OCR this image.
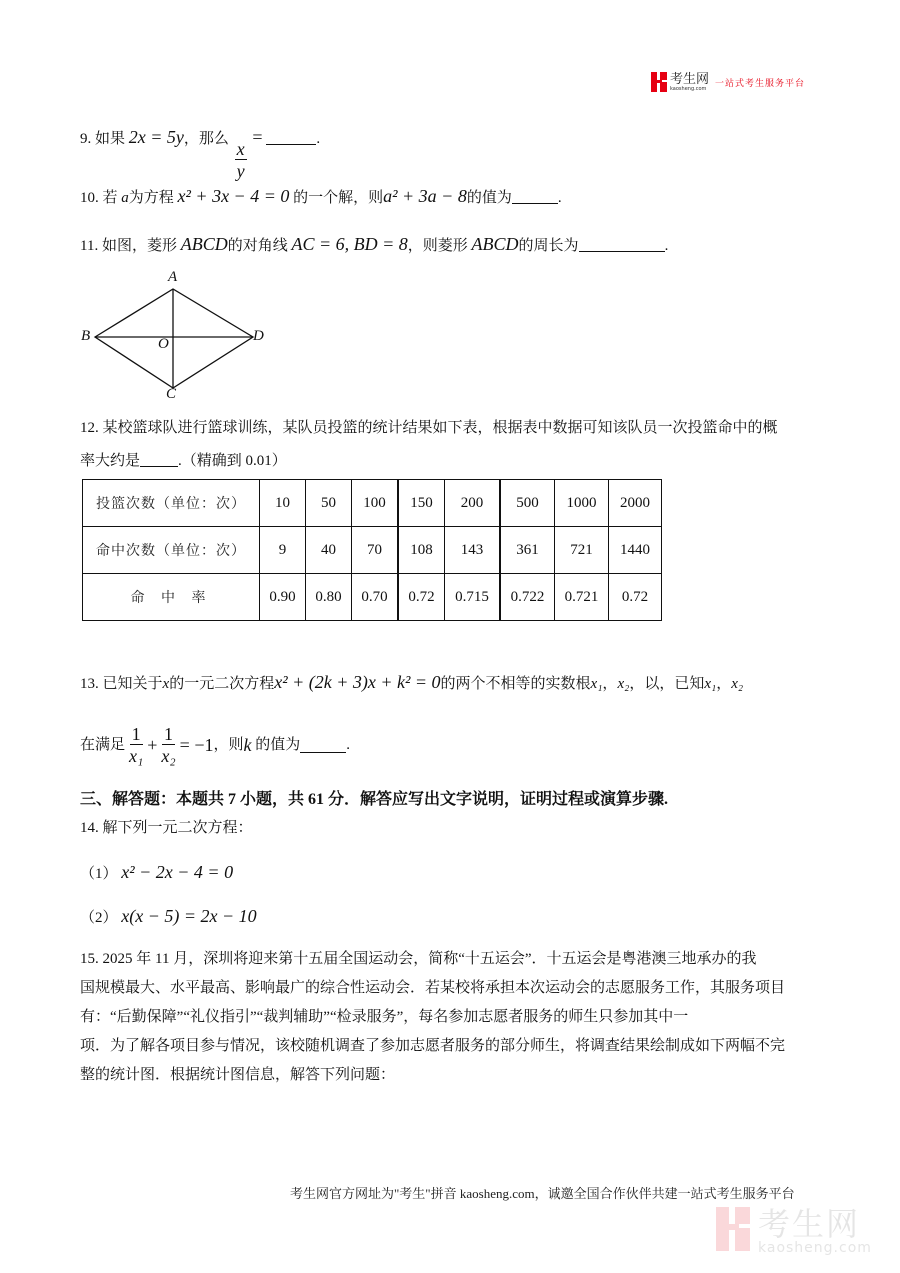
考生网
kaosheng.com 一站式考生服务平台
9. 如果 2x = 5y，那么 $\frac{x}{y}$
=	.
10. 若 a为方程 x² + 3x − 4 = 0 的一个解，则a² + 3a − 8的值为	.
11. 如图，菱形 ABCD的对角线 AC = 6, BD = 8，则菱形 ABCD的周长为	.
A
B	O	D
C
12. 某校篮球队进行篮球训练，某队员投篮的统计结果如下表，根据表中数据可知该队员一次投篮命中的概
率大约是	.（精确到 0.01）
投篮次数（单位：次）	10	50	100	150	200	500	1000	2000
命中次数（单位：次）	9	40	70	108	143	361	721	1440
命 中 率	0.90	0.80	0.70	0.72	0.715	0.722	0.721	0.72
13. 已知关于x的一元二次方程x² + (2k + 3)x + k² = 0的两个不相等的实数根x₁，x₂，以，已知x₁，x₂
在满足 $\frac{1}{\text{x₁}} + \frac{1}{\text{x₂}} = -1$ ，则 k
的值为	.
三、解答题：本题共 7 小题，共 61 分．解答应写出文字说明，证明过程或演算步骤.
14. 解下列一元二次方程：
（1） x² − 2x − 4 = 0
（2） x(x − 5) = 2x − 10
15. 2025 年 11 月，深圳将迎来第十五届全国运动会，简称“十五运会”．十五运会是粤港澳三地承办的我
国规模最大、水平最高、影响最广的综合性运动会．若某校将承担本次运动会的志愿服务工作，其服务项目
有：“后勤保障”“礼仪指引”“裁判辅助”“检录服务”，每名参加志愿者服务的师生只参加其中一
项．为了解各项目参与情况，该校随机调查了参加志愿者服务的部分师生，将调查结果绘制成如下两幅不完
整的统计图．根据统计图信息，解答下列问题：
考生网官方网址为"考生"拼音 kaosheng.com，诚邀全国合作伙伴共建一站式考生服务平台
考生网
kaosheng.com
